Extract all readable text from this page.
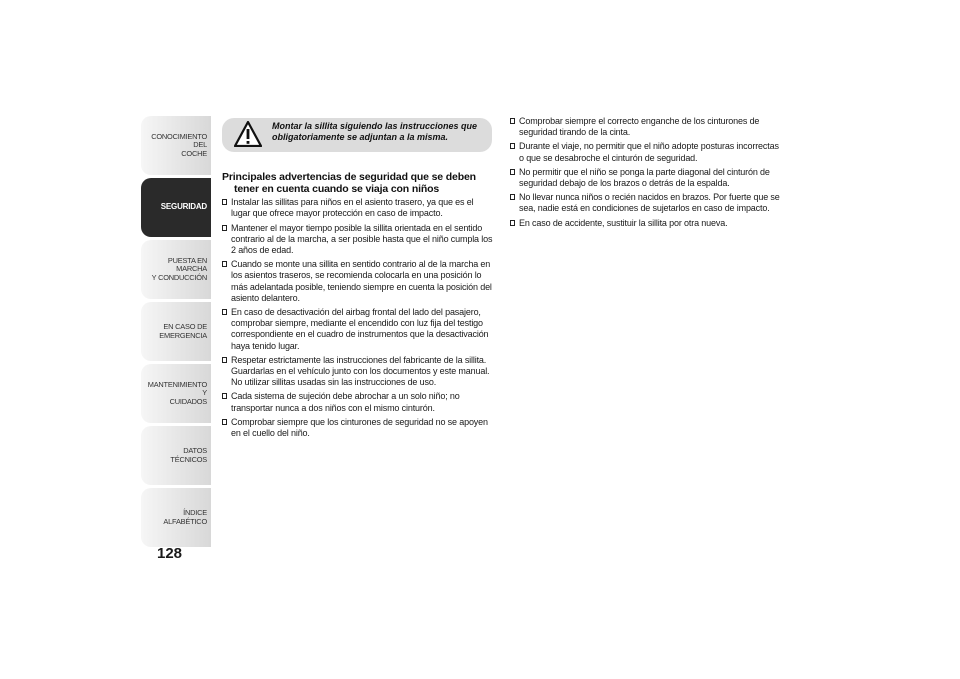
CONOCIMIENTO DEL
COCHE
SEGURIDAD
PUESTA EN MARCHA
Y CONDUCCIÓN
EN CASO DE
EMERGENCIA
MANTENIMIENTO Y
CUIDADOS
DATOS TÉCNICOS
ÍNDICE ALFABÉTICO
128
Montar la sillita siguiendo las instrucciones que obligatoriamente se adjuntan a la misma.
Principales advertencias de seguridad que se deben tener en cuenta cuando se viaja con niños
Instalar las sillitas para niños en el asiento trasero, ya que es el lugar que ofrece mayor protección en caso de impacto.
Mantener el mayor tiempo posible la sillita orientada en el sentido contrario al de la marcha, a ser posible hasta que el niño cumpla los 2 años de edad.
Cuando se monte una sillita en sentido contrario al de la marcha en los asientos traseros, se recomienda colocarla en una posición lo más adelantada posible, teniendo siempre en cuenta la posición del asiento delantero.
En caso de desactivación del airbag frontal del lado del pasajero, comprobar siempre, mediante el encendido con luz fija del testigo correspondiente en el cuadro de instrumentos que la desactivación haya tenido lugar.
Respetar estrictamente las instrucciones del fabricante de la sillita. Guardarlas en el vehículo junto con los documentos y este manual. No utilizar sillitas usadas sin las instrucciones de uso.
Cada sistema de sujeción debe abrochar a un solo niño; no transportar nunca a dos niños con el mismo cinturón.
Comprobar siempre que los cinturones de seguridad no se apoyen en el cuello del niño.
Comprobar siempre el correcto enganche de los cinturones de seguridad tirando de la cinta.
Durante el viaje, no permitir que el niño adopte posturas incorrectas o que se desabroche el cinturón de seguridad.
No permitir que el niño se ponga la parte diagonal del cinturón de seguridad debajo de los brazos o detrás de la espalda.
No llevar nunca niños o recién nacidos en brazos. Por fuerte que se sea, nadie está en condiciones de sujetarlos en caso de impacto.
En caso de accidente, sustituir la sillita por otra nueva.
